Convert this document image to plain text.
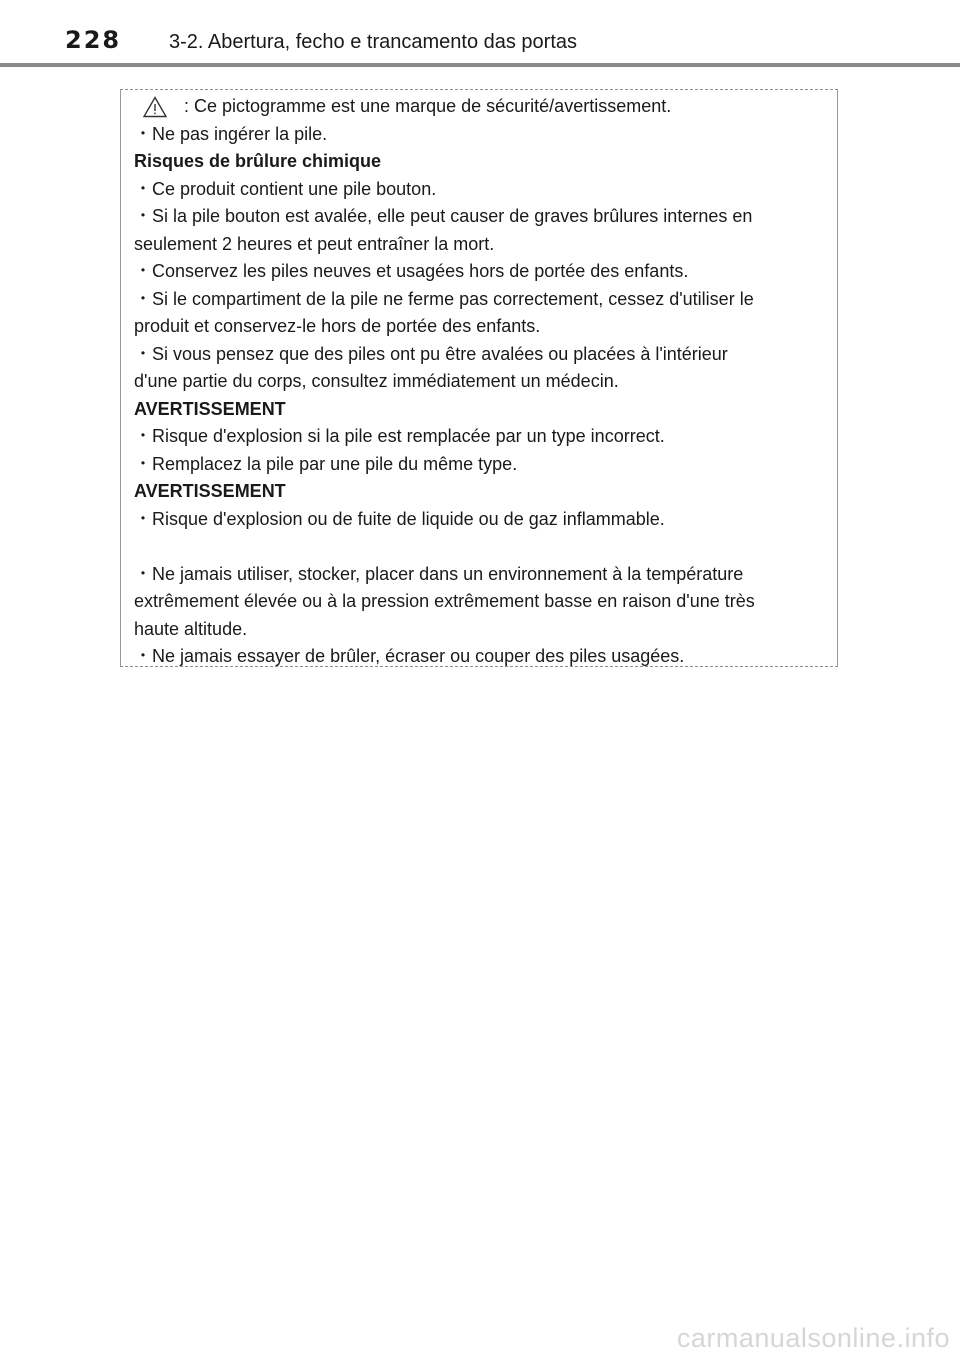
228 3-2. Abertura, fecho e trancamento das portas
: Ce pictogramme est une marque de sécurité/avertissement.
・Ne pas ingérer la pile.
Risques de brûlure chimique
・Ce produit contient une pile bouton.
・Si la pile bouton est avalée, elle peut causer de graves brûlures internes en
seulement 2 heures et peut entraîner la mort.
・Conservez les piles neuves et usagées hors de portée des enfants.
・Si le compartiment de la pile ne ferme pas correctement, cessez d'utiliser le
produit et conservez-le hors de portée des enfants.
・Si vous pensez que des piles ont pu être avalées ou placées à l'intérieur
d'une partie du corps, consultez immédiatement un médecin.
AVERTISSEMENT
・Risque d'explosion si la pile est remplacée par un type incorrect.
・Remplacez la pile par une pile du même type.
AVERTISSEMENT
・Risque d'explosion ou de fuite de liquide ou de gaz inflammable.
・Ne jamais utiliser, stocker, placer dans un environnement à la température
extrêmement élevée ou à la pression extrêmement basse en raison d'une très
haute altitude.
・Ne jamais essayer de brûler, écraser ou couper des piles usagées.
carmanualsonline.info
